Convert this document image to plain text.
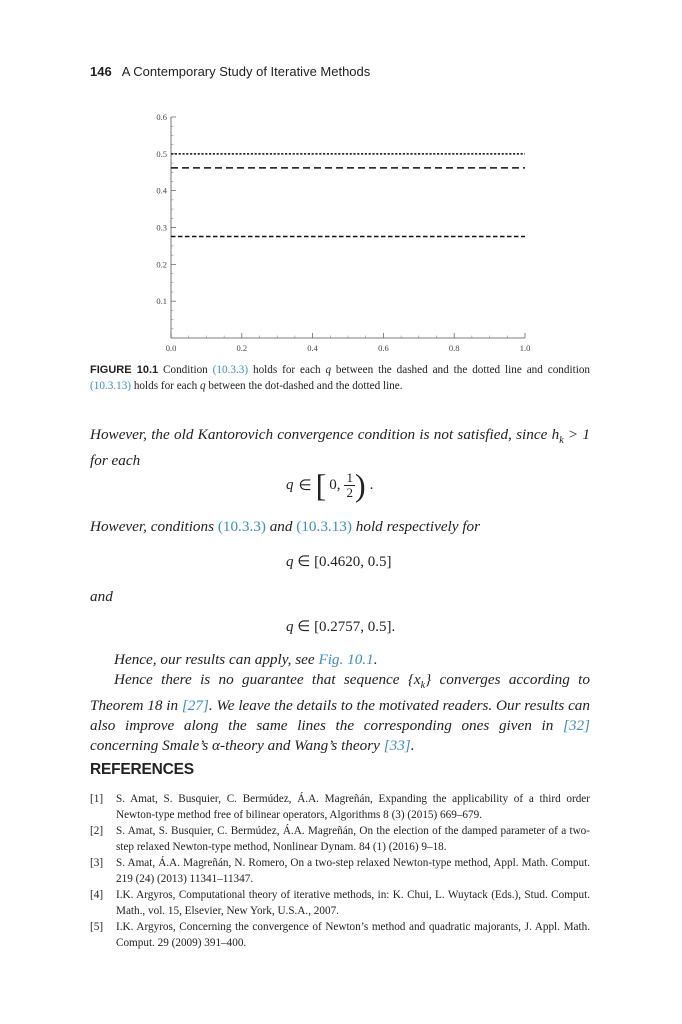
146 A Contemporary Study of Iterative Methods
0.0	0.2	0.4	0.6	0.8	1.0
0.1
0.2
0.3
0.4
0.5
0.6
FIGURE 10.1 Condition (10.3.3) holds for each q between the dashed and the dotted line and condition (10.3.13) holds for each q between the dot-dashed and the dotted line.
However, the old Kantorovich convergence condition is not satisfied, since $h_k > 1$ for each
q ∈ [ 0, $\frac{1}{2}$ ) .
However, conditions (10.3.3) and (10.3.13) hold respectively for
q ∈ [0.4620, 0.5]
and
q ∈ [0.2757, 0.5].
Hence, our results can apply, see Fig. 10.1.
Hence there is no guarantee that sequence $\{x_k\}$ converges according to Theorem 18 in [27]. We leave the details to the motivated readers. Our results can also improve along the same lines the corresponding ones given in [32] concerning Smale’s α-theory and Wang’s theory [33].
REFERENCES
[1]	S. Amat, S. Busquier, C. Bermúdez, Á.A. Magreñán, Expanding the applicability of a third order Newton-type method free of bilinear operators, Algorithms 8 (3) (2015) 669–679.
[2]	S. Amat, S. Busquier, C. Bermúdez, Á.A. Magreñán, On the election of the damped parameter of a two-step relaxed Newton-type method, Nonlinear Dynam. 84 (1) (2016) 9–18.
[3]	S. Amat, Á.A. Magreñán, N. Romero, On a two-step relaxed Newton-type method, Appl. Math. Comput. 219 (24) (2013) 11341–11347.
[4]	I.K. Argyros, Computational theory of iterative methods, in: K. Chui, L. Wuytack (Eds.), Stud. Comput. Math., vol. 15, Elsevier, New York, U.S.A., 2007.
[5]	I.K. Argyros, Concerning the convergence of Newton’s method and quadratic majorants, J. Appl. Math. Comput. 29 (2009) 391–400.
